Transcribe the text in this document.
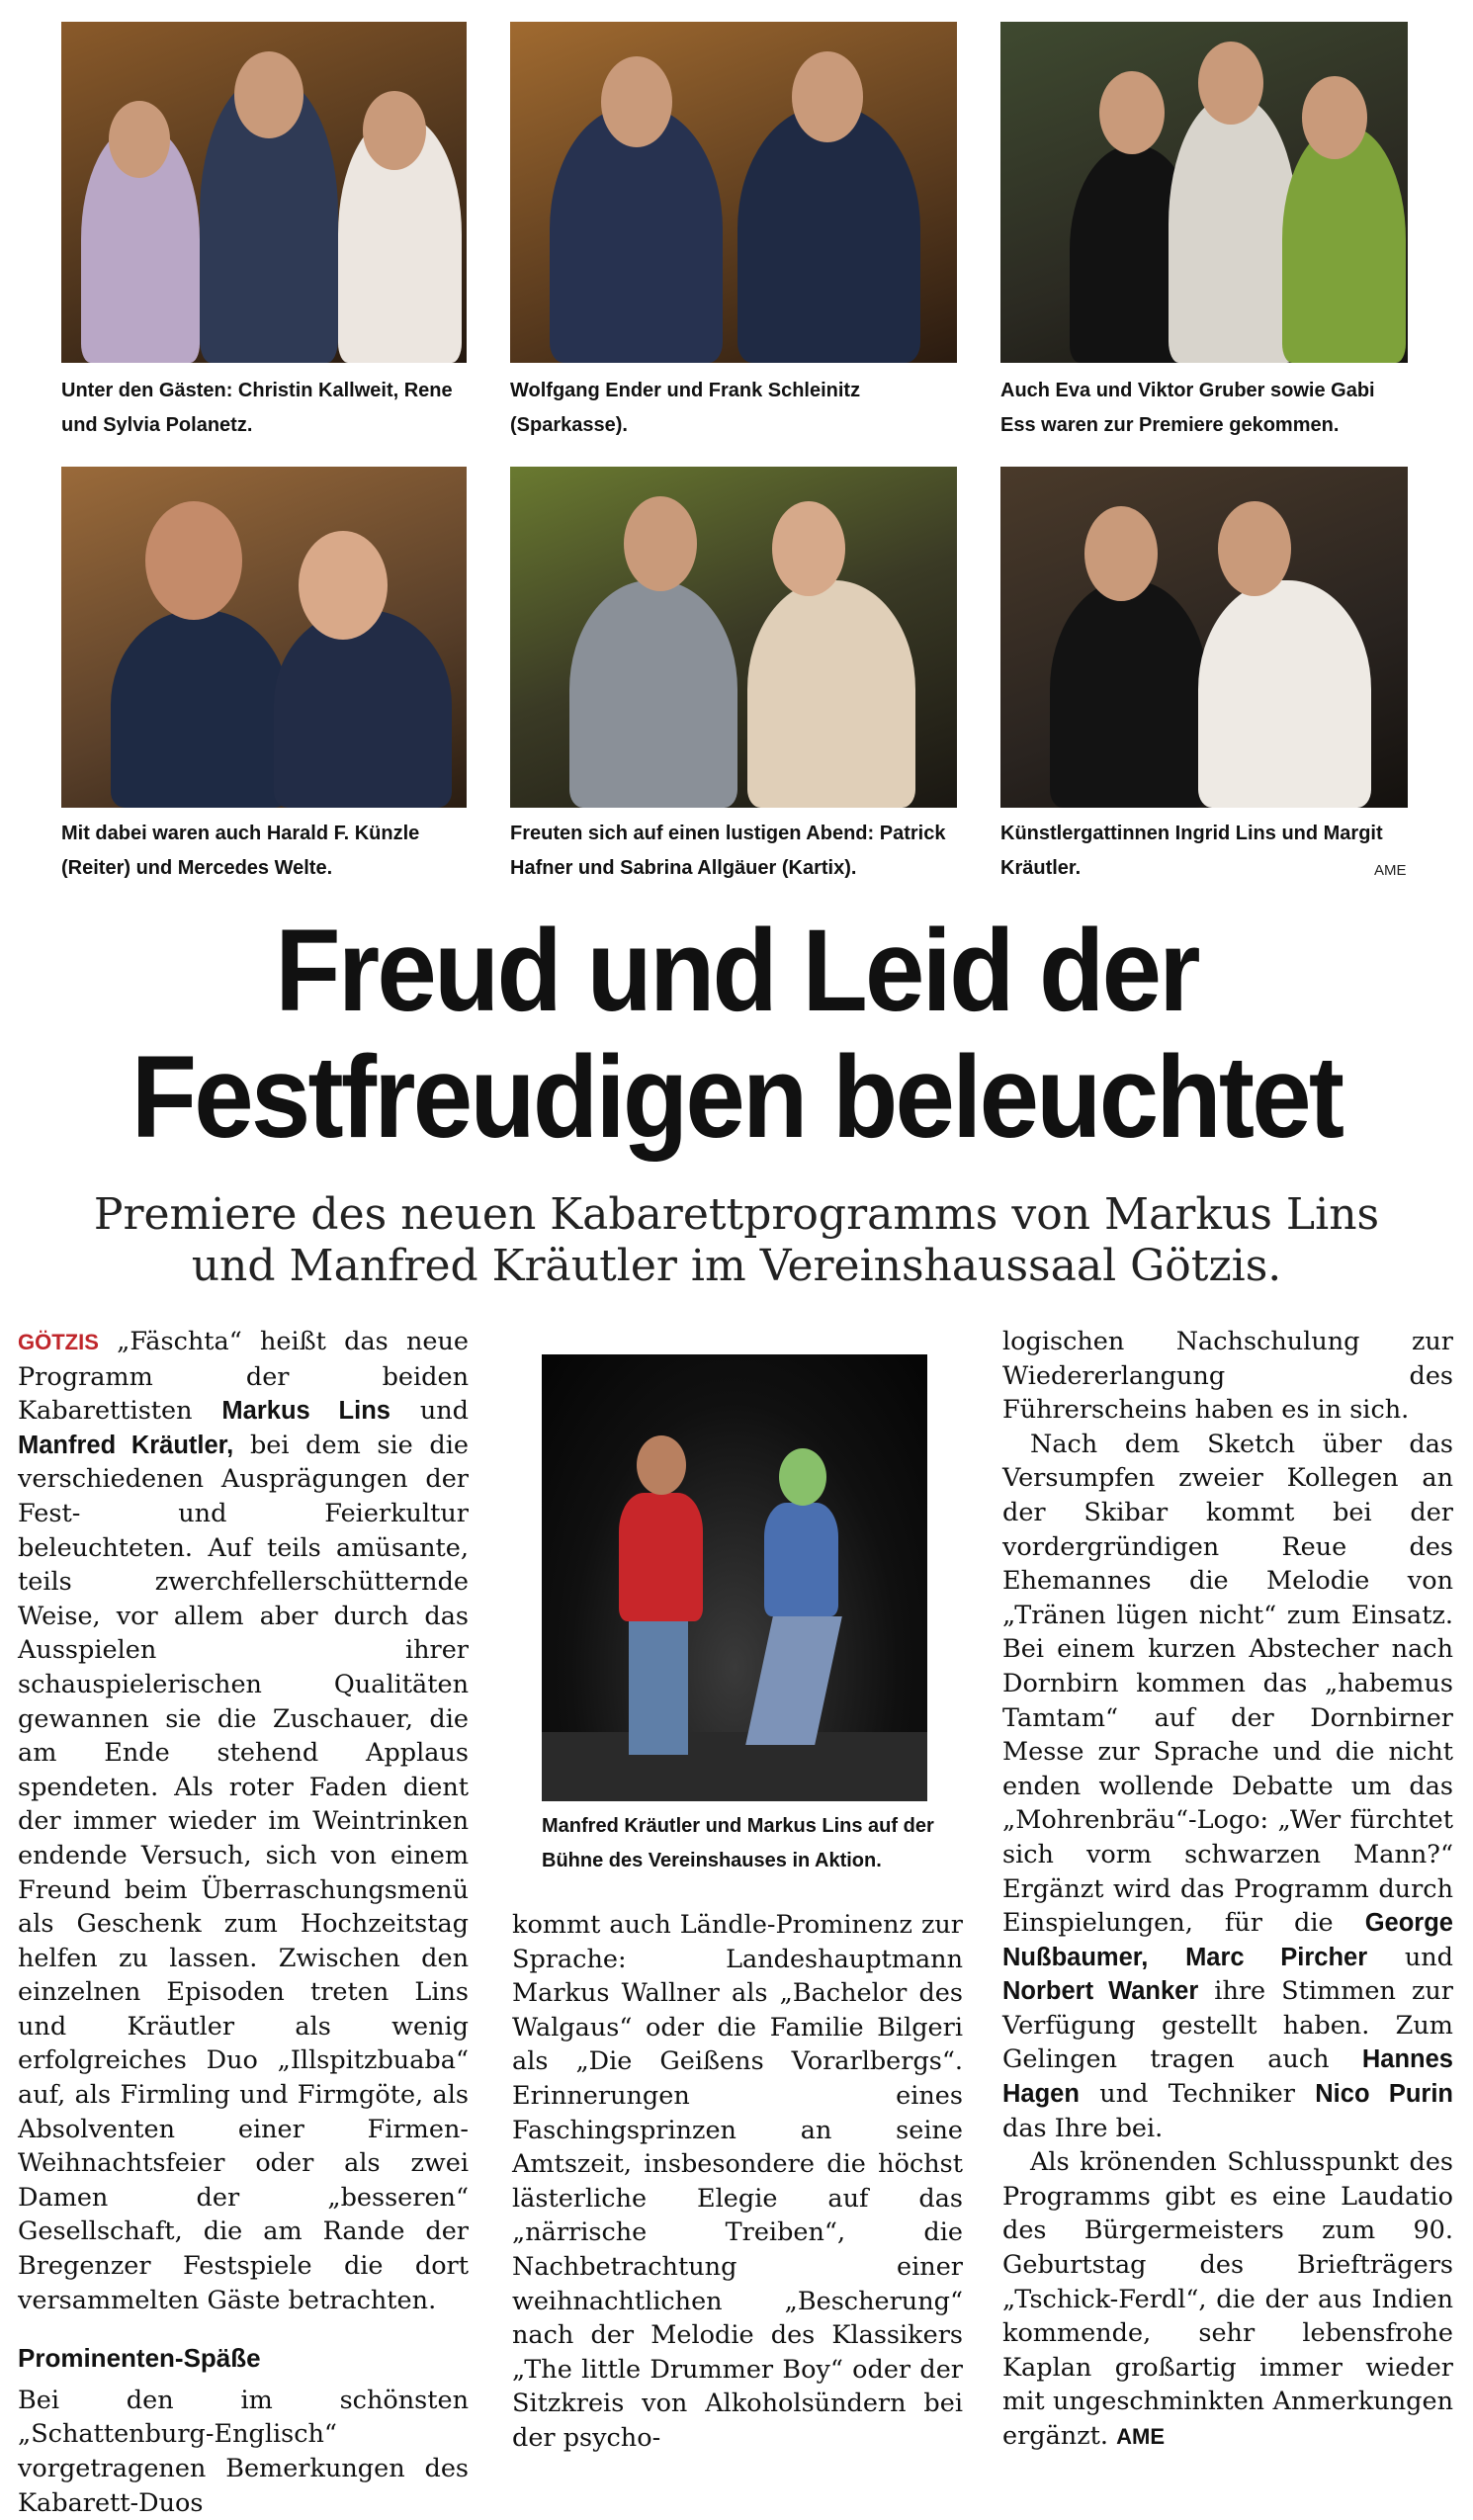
Unter den Gästen: Christin Kallweit, Rene und Sylvia Polanetz.
Wolfgang Ender und Frank Schleinitz (Sparkasse).
Auch Eva und Viktor Gruber sowie Gabi Ess waren zur Premiere gekommen.
Mit dabei waren auch Harald F. Künzle (Reiter) und Mercedes Welte.
Freuten sich auf einen lustigen Abend: Patrick Hafner und Sabrina Allgäuer (Kartix).
Künstlergattinnen Ingrid Lins und Margit Kräutler.	AME
Freud und Leid der Festfreudigen beleuchtet
Premiere des neuen Kabarettprogramms von Markus Lins und Manfred Kräutler im Vereinshaussaal Götzis.

GÖTZIS „Fäschta“ heißt das neue Programm der beiden Kabarettisten Markus Lins und Manfred Kräutler, bei dem sie die verschiedenen Ausprägungen der Fest- und Feierkultur beleuchteten. Auf teils amüsante, teils zwerchfellerschütternde Weise, vor allem aber durch das Ausspielen ihrer schauspielerischen Qualitäten gewannen sie die Zuschauer, die am Ende stehend Applaus spendeten. Als roter Faden dient der immer wieder im Weintrinken endende Versuch, sich von einem Freund beim Überraschungsmenü als Geschenk zum Hochzeitstag helfen zu lassen. Zwischen den einzelnen Episoden treten Lins und Kräutler als wenig erfolgreiches Duo „Illspitzbuaba“ auf, als Firmling und Firmgöte, als Absolventen einer Firmen-Weihnachtsfeier oder als zwei Damen der „besseren“ Gesellschaft, die am Rande der Bregenzer Festspiele die dort versammelten Gäste betrachten.

Prominenten-Späße

Bei den im schönsten „Schattenburg-Englisch“ vorgetragenen Bemerkungen des Kabarett-Duos

Manfred Kräutler und Markus Lins auf der Bühne des Vereinshauses in Aktion.

kommt auch Ländle-Prominenz zur Sprache: Landeshauptmann Markus Wallner als „Bachelor des Walgaus“ oder die Familie Bilgeri als „Die Geißens Vorarlbergs“. Erinnerungen eines Faschingsprinzen an seine Amtszeit, insbesondere die höchst lästerliche Elegie auf das „närrische Treiben“, die Nachbetrachtung einer weihnachtlichen „Bescherung“ nach der Melodie des Klassikers „The little Drummer Boy“ oder der Sitzkreis von Alkoholsündern bei der psycho-

logischen Nachschulung zur Wiedererlangung des Führerscheins haben es in sich.

Nach dem Sketch über das Versumpfen zweier Kollegen an der Skibar kommt bei der vordergründigen Reue des Ehemannes die Melodie von „Tränen lügen nicht“ zum Einsatz. Bei einem kurzen Abstecher nach Dornbirn kommen das „habemus Tamtam“ auf der Dornbirner Messe zur Sprache und die nicht enden wollende Debatte um das „Mohrenbräu“-Logo: „Wer fürchtet sich vorm schwarzen Mann?“ Ergänzt wird das Programm durch Einspielungen, für die George Nußbaumer, Marc Pircher und Norbert Wanker ihre Stimmen zur Verfügung gestellt haben. Zum Gelingen tragen auch Hannes Hagen und Techniker Nico Purin das Ihre bei.

Als krönenden Schlusspunkt des Programms gibt es eine Laudatio des Bürgermeisters zum 90. Geburtstag des Briefträgers „Tschick-Ferdl“, die der aus Indien kommende, sehr lebensfrohe Kaplan großartig immer wieder mit ungeschminkten Anmerkungen ergänzt. AME
